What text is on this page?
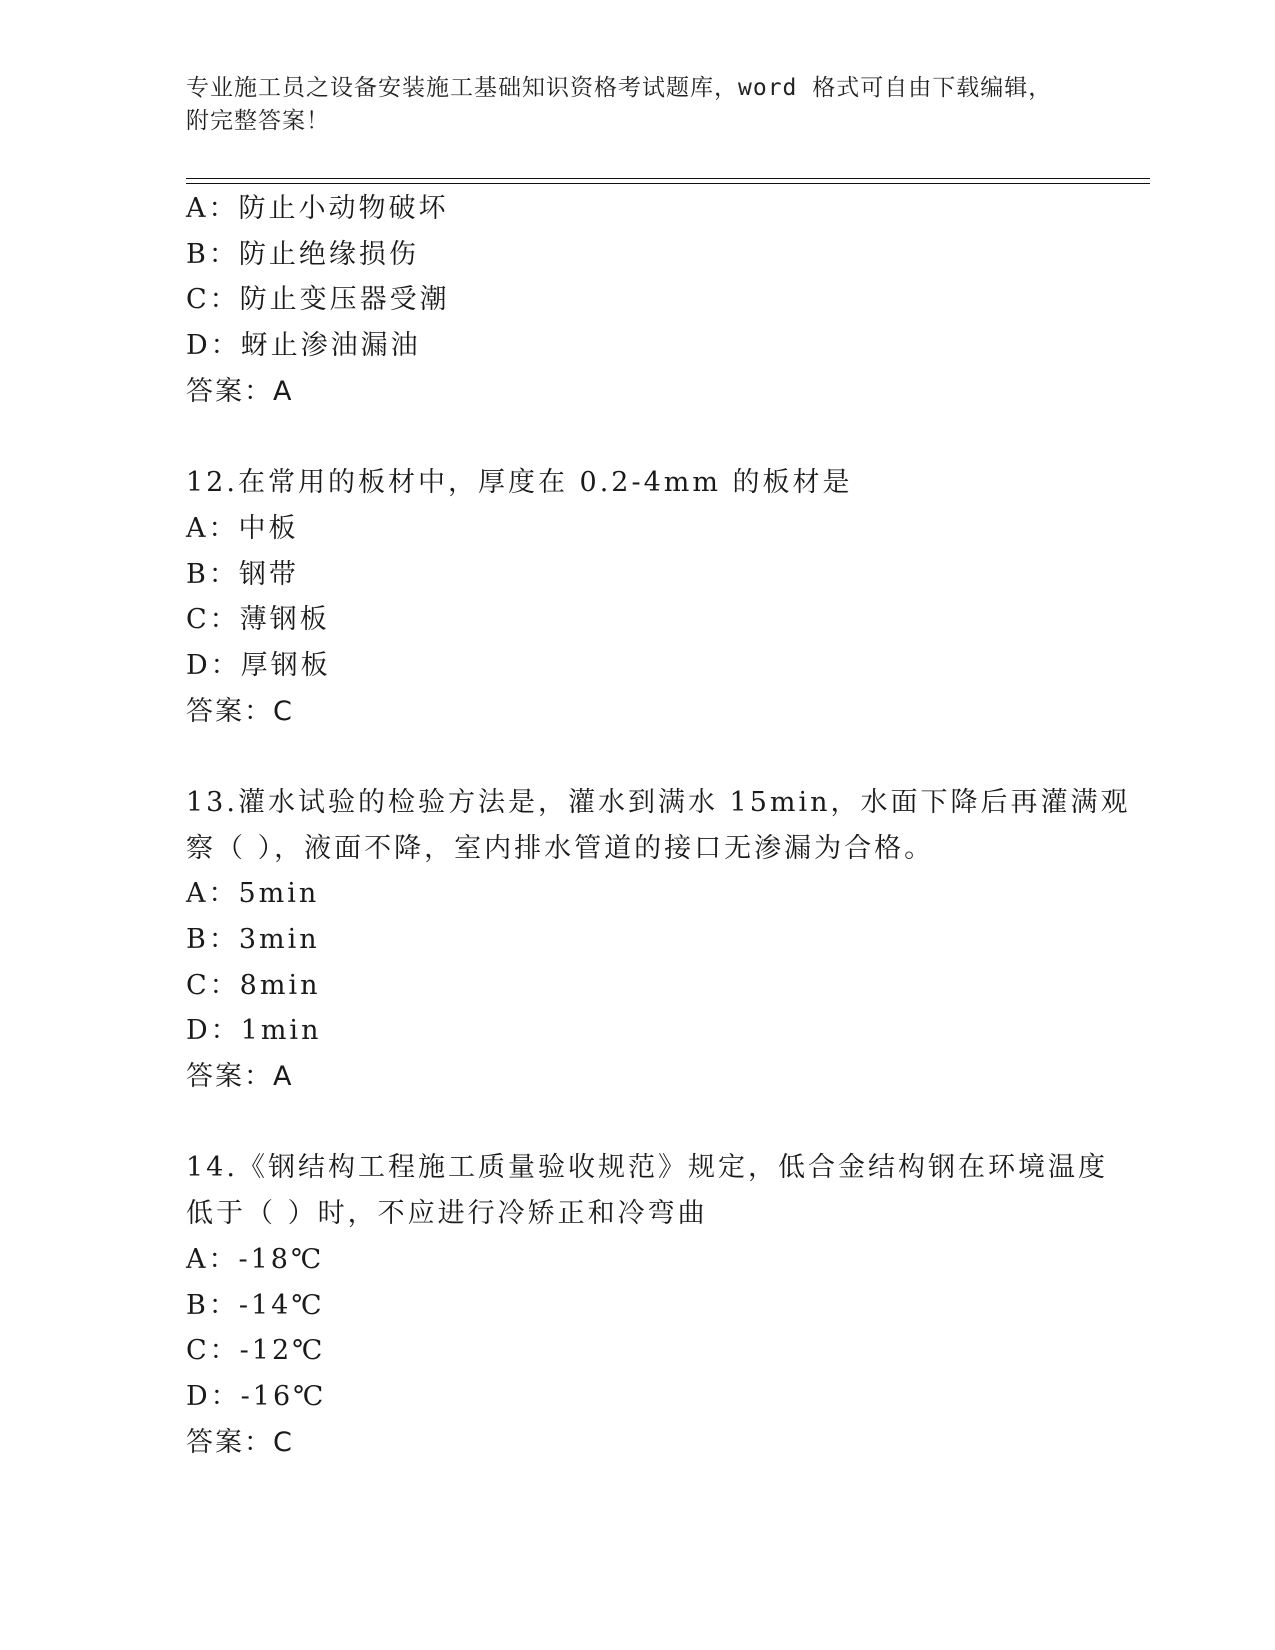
专业施工员之设备安装施工基础知识资格考试题库，word 格式可自由下载编辑，
附完整答案！
A：防止小动物破坏
B：防止绝缘损伤
C：防止变压器受潮
D：蚜止渗油漏油
答案：A
12.在常用的板材中，厚度在 0.2-4mm 的板材是
A：中板
B：钢带
C：薄钢板
D：厚钢板
答案：C
13.灌水试验的检验方法是，灌水到满水 15min，水面下降后再灌满观
察（ ），液面不降，室内排水管道的接口无渗漏为合格。
A：5min
B：3min
C：8min
D：1min
答案：A
14.《钢结构工程施工质量验收规范》规定，低合金结构钢在环境温度
低于（ ）时，不应进行冷矫正和冷弯曲
A：-18℃
B：-14℃
C：-12℃
D：-16℃
答案：C
